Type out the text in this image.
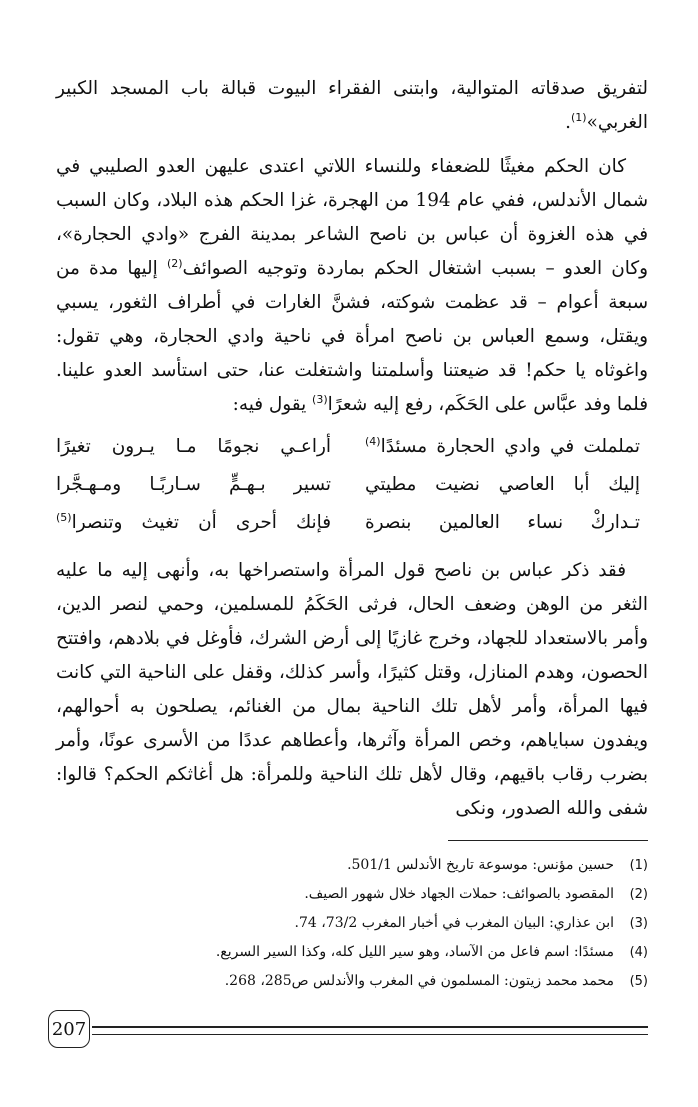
لتفريق صدقاته المتوالية، وابتنى الفقراء البيوت قبالة باب المسجد الكبير الغربي»$^{(1)}$.

كان الحكم مغيثًا للضعفاء وللنساء اللاتي اعتدى عليهن العدو الصليبي في شمال الأندلس، ففي عام 194 من الهجرة، غزا الحكم هذه البلاد، وكان السبب في هذه الغزوة أن عباس بن ناصح الشاعر بمدينة الفرج «وادي الحجارة»، وكان العدو – بسبب اشتغال الحكم بماردة وتوجيه الصوائف$^{(2)}$ إليها مدة من سبعة أعوام – قد عظمت شوكته، فشنَّ الغارات في أطراف الثغور، يسبي ويقتل، وسمع العباس بن ناصح امرأة في ناحية وادي الحجارة، وهي تقول: واغوثاه يا حكم! قد ضيعتنا وأسلمتنا واشتغلت عنا، حتى استأسد العدو علينا. فلما وفد عبَّاس على الحَكَم، رفع إليه شعرًا$^{(3)}$ يقول فيه:

تململت في وادي الحجارة مسئدًا$^{(4)}$
أراعـي نجومًا مـا يـرون تغيرًا
إليك أبا العاصي نضيت مطيتي
تسير بـهـمٍّ سـاربًـا ومـهـجَّرا
تـداركْ نساء العالمين بنصرة
فإنك أحرى أن تغيث وتنصرا$^{(5)}$

فقد ذكر عباس بن ناصح قول المرأة واستصراخها به، وأنهى إليه ما عليه الثغر من الوهن وضعف الحال، فرثى الحَكَمُ للمسلمين، وحمي لنصر الدين، وأمر بالاستعداد للجهاد، وخرج غازيًا إلى أرض الشرك، فأوغل في بلادهم، وافتتح الحصون، وهدم المنازل، وقتل كثيرًا، وأسر كذلك، وقفل على الناحية التي كانت فيها المرأة، وأمر لأهل تلك الناحية بمال من الغنائم، يصلحون به أحوالهم، ويفدون سباياهم، وخص المرأة وآثرها، وأعطاهم عددًا من الأسرى عونًا، وأمر بضرب رقاب باقيهم، وقال لأهل تلك الناحية وللمرأة: هل أغاثكم الحكم؟ قالوا: شفى والله الصدور، ونكى

(1)
حسين مؤنس: موسوعة تاريخ الأندلس 501/1.
(2)
المقصود بالصوائف: حملات الجهاد خلال شهور الصيف.
(3)
ابن عذاري: البيان المغرب في أخبار المغرب 73/2، 74.
(4)
مسئدًا: اسم فاعل من الآساد، وهو سير الليل كله، وكذا السير السريع.
(5)
محمد محمد زيتون: المسلمون في المغرب والأندلس ص285، 268.
207
